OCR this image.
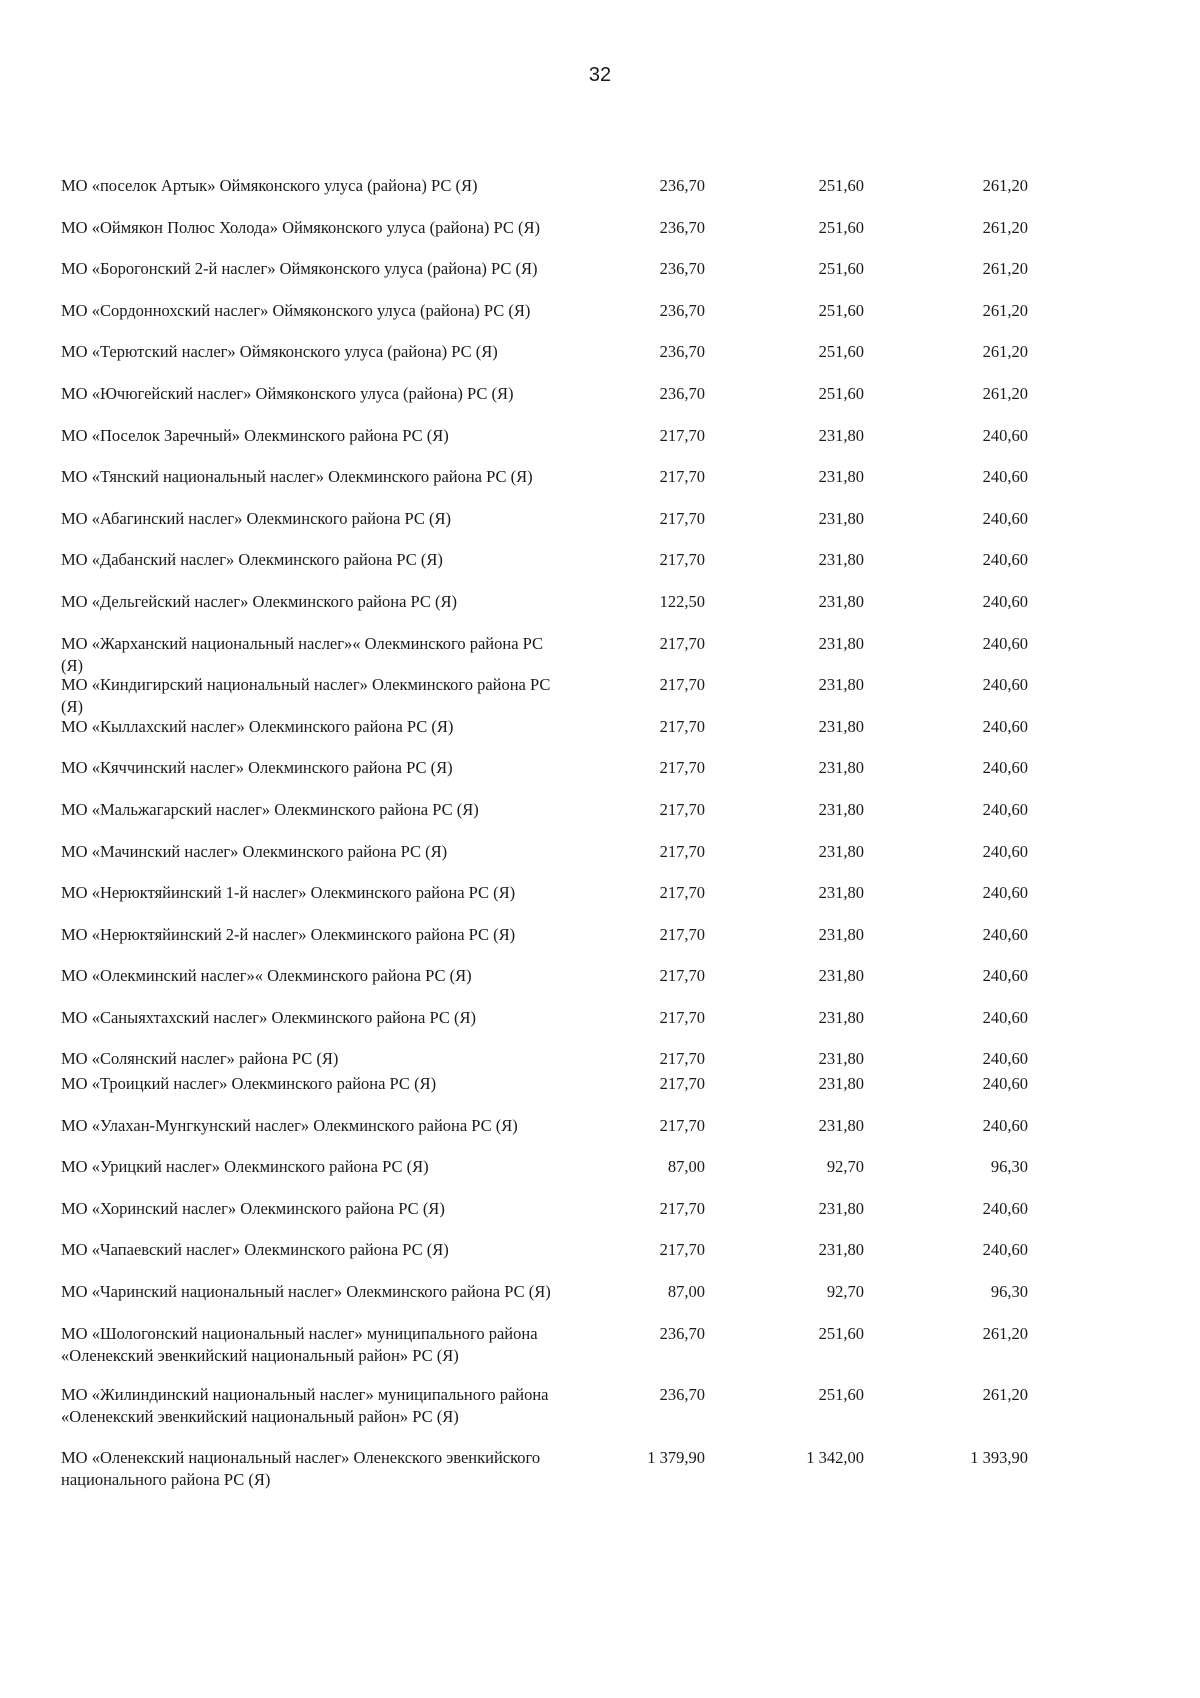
32
МО «поселок Артык» Оймяконского улуса (района) РС (Я)	236,70	251,60	261,20
МО «Оймякон Полюс Холода» Оймяконского улуса (района) РС (Я)	236,70	251,60	261,20
МО «Борогонский 2-й наслег» Оймяконского улуса (района) РС (Я)	236,70	251,60	261,20
МО «Сордоннохский наслег» Оймяконского улуса (района) РС (Я)	236,70	251,60	261,20
МО «Терютский наслег» Оймяконского улуса (района) РС (Я)	236,70	251,60	261,20
МО «Ючюгейский наслег» Оймяконского улуса (района) РС (Я)	236,70	251,60	261,20
МО «Поселок Заречный» Олекминского района РС (Я)	217,70	231,80	240,60
МО «Тянский национальный наслег» Олекминского района РС (Я)	217,70	231,80	240,60
МО «Абагинский наслег» Олекминского района РС (Я)	217,70	231,80	240,60
МО «Дабанский наслег» Олекминского района РС (Я)	217,70	231,80	240,60
МО «Дельгейский наслег» Олекминского района РС (Я)	122,50	231,80	240,60
МО «Жарханский национальный наслег»« Олекминского района РС (Я)
217,70	231,80	240,60
МО «Киндигирский национальный наслег» Олекминского района РС (Я)
217,70	231,80	240,60
МО «Кыллахский наслег» Олекминского района РС (Я)	217,70	231,80	240,60
МО «Кяччинский наслег» Олекминского района РС (Я)	217,70	231,80	240,60
МО «Мальжагарский наслег» Олекминского района РС (Я)	217,70	231,80	240,60
МО «Мачинский наслег» Олекминского района РС (Я)	217,70	231,80	240,60
МО «Нерюктяйинский 1-й наслег» Олекминского района РС (Я)	217,70	231,80	240,60
МО «Нерюктяйинский 2-й наслег» Олекминского района РС (Я)	217,70	231,80	240,60
МО «Олекминский наслег»« Олекминского района РС (Я)	217,70	231,80	240,60
МО «Саныяхтахский наслег» Олекминского района РС (Я)	217,70	231,80	240,60
МО «Солянский наслег» района РС (Я)	217,70	231,80	240,60
МО «Троицкий наслег» Олекминского района РС (Я)	217,70	231,80	240,60
МО «Улахан-Мунгкунский наслег» Олекминского района РС (Я)	217,70	231,80	240,60
МО «Урицкий наслег» Олекминского района РС (Я)	87,00	92,70	96,30
МО «Хоринский наслег» Олекминского района РС (Я)	217,70	231,80	240,60
МО «Чапаевский наслег» Олекминского района РС (Я)	217,70	231,80	240,60
МО «Чаринский национальный наслег» Олекминского района РС (Я)	87,00	92,70	96,30
МО «Шологонский национальный наслег» муниципального района «Оленекский эвенкийский национальный район» РС (Я)
236,70	251,60	261,20
МО «Жилиндинский национальный наслег» муниципального района «Оленекский эвенкийский национальный район» РС (Я)
236,70	251,60	261,20
МО «Оленекский национальный наслег» Оленекского эвенкийского национального района РС (Я)
1 379,90	1 342,00	1 393,90
